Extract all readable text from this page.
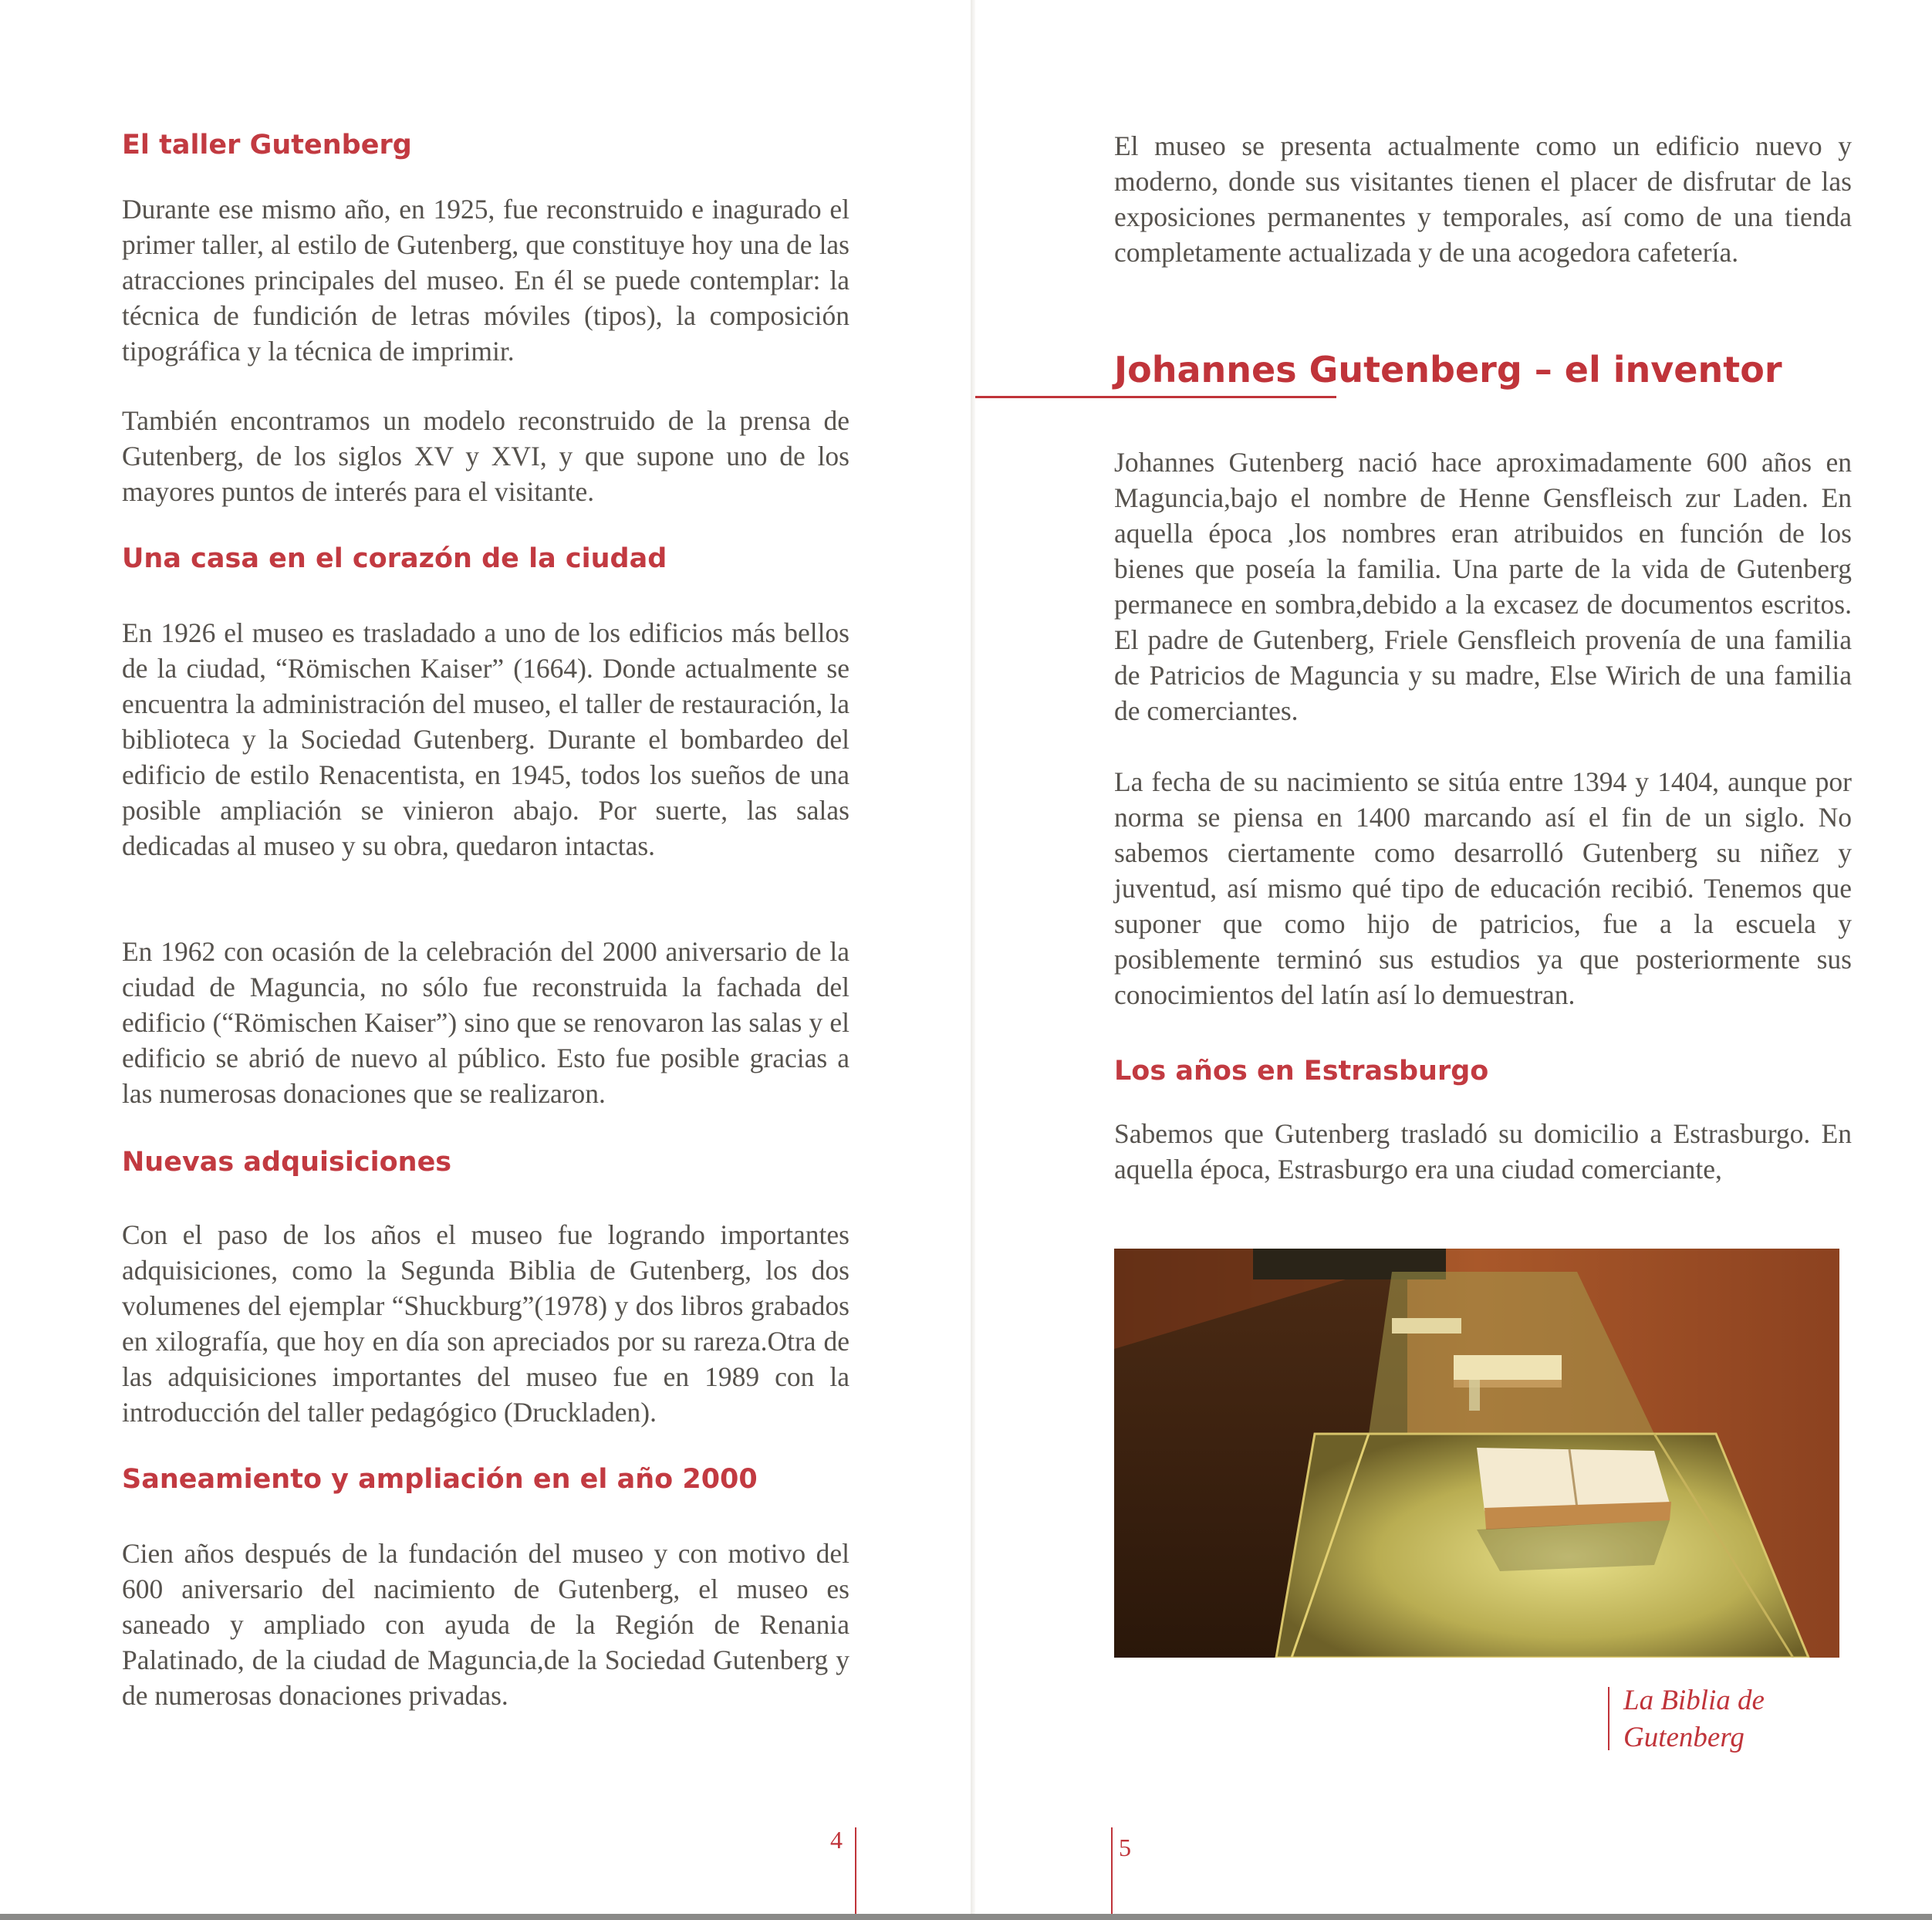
El taller Gutenberg

Durante ese mismo año, en 1925, fue reconstruido e inagurado el primer taller, al estilo de Gutenberg, que constituye hoy una de las atracciones principales del museo. En él se puede contemplar: la técnica de fundición de letras móviles (tipos), la composición tipográfica y la técnica de imprimir.

También encontramos un modelo reconstruido de la prensa de Gutenberg, de los siglos XV y XVI, y que supone uno de los mayores puntos de interés para el visitante.

Una casa en el corazón de la ciudad

En 1926 el museo es trasladado a uno de los edificios más bellos de la ciudad, “Römischen Kaiser” (1664). Donde actualmente se encuentra la administración del museo, el taller de restauración, la biblioteca y la Sociedad Gutenberg. Durante el bombardeo del edificio de estilo Renacentista, en 1945, todos los sueños de una posible ampliación se vinieron abajo. Por suerte, las salas dedicadas al museo y su obra, quedaron intactas.

En 1962 con ocasión de la celebración del 2000 aniversario de la ciudad de Maguncia, no sólo fue reconstruida la fachada del edificio (“Römischen Kaiser”) sino que se renovaron las salas y el edificio se abrió de nuevo al público. Esto fue posible gracias a las numerosas donaciones que se realizaron.

Nuevas adquisiciones

Con el paso de los años el museo fue logrando importantes adquisiciones, como la Segunda Biblia de Gutenberg, los dos volumenes del ejemplar “Shuckburg”(1978) y dos libros grabados en xilografía, que hoy en día son apreciados por su rareza.Otra de las adquisiciones importantes del museo fue en 1989 con la introducción del taller pedagógico (Druckladen).

Saneamiento y ampliación en el año 2000

Cien años después de la fundación del museo y con motivo del 600 aniversario del nacimiento de Gutenberg, el museo es saneado y ampliado con ayuda de la Región de Renania Palatinado, de la ciudad de Maguncia,de la Sociedad Gutenberg y de numerosas donaciones privadas.

4

El museo se presenta actualmente como un edificio nuevo y moderno, donde sus visitantes tienen el placer de disfrutar de las exposiciones permanentes y temporales, así como de una tienda completamente actualizada y de una acogedora cafetería.

Johannes Gutenberg – el inventor

Johannes Gutenberg nació hace aproximadamente 600 años en Maguncia,bajo el nombre de Henne Gensfleisch zur Laden. En aquella época ,los nombres eran atribuidos en función de los bienes que poseía la familia. Una parte de la vida de Gutenberg permanece en sombra,debido a la excasez de documentos escritos. El padre de Gutenberg, Friele Gensfleich provenía de una familia de Patricios de Maguncia y su madre, Else Wirich de una familia de comerciantes.

La fecha de su nacimiento se sitúa entre 1394 y 1404, aunque por norma se piensa en 1400 marcando así el fin de un siglo. No sabemos ciertamente como desarrolló Gutenberg su niñez y juventud, así mismo qué tipo de educación recibió. Tenemos que suponer que como hijo de patricios, fue a la escuela y posiblemente terminó sus estudios ya que posteriormente sus conocimientos del latín así lo demuestran.

Los años en Estrasburgo

Sabemos que Gutenberg trasladó su domicilio a Estrasburgo. En aquella época, Estrasburgo era una ciudad comerciante,

La Biblia de
Gutenberg
5
